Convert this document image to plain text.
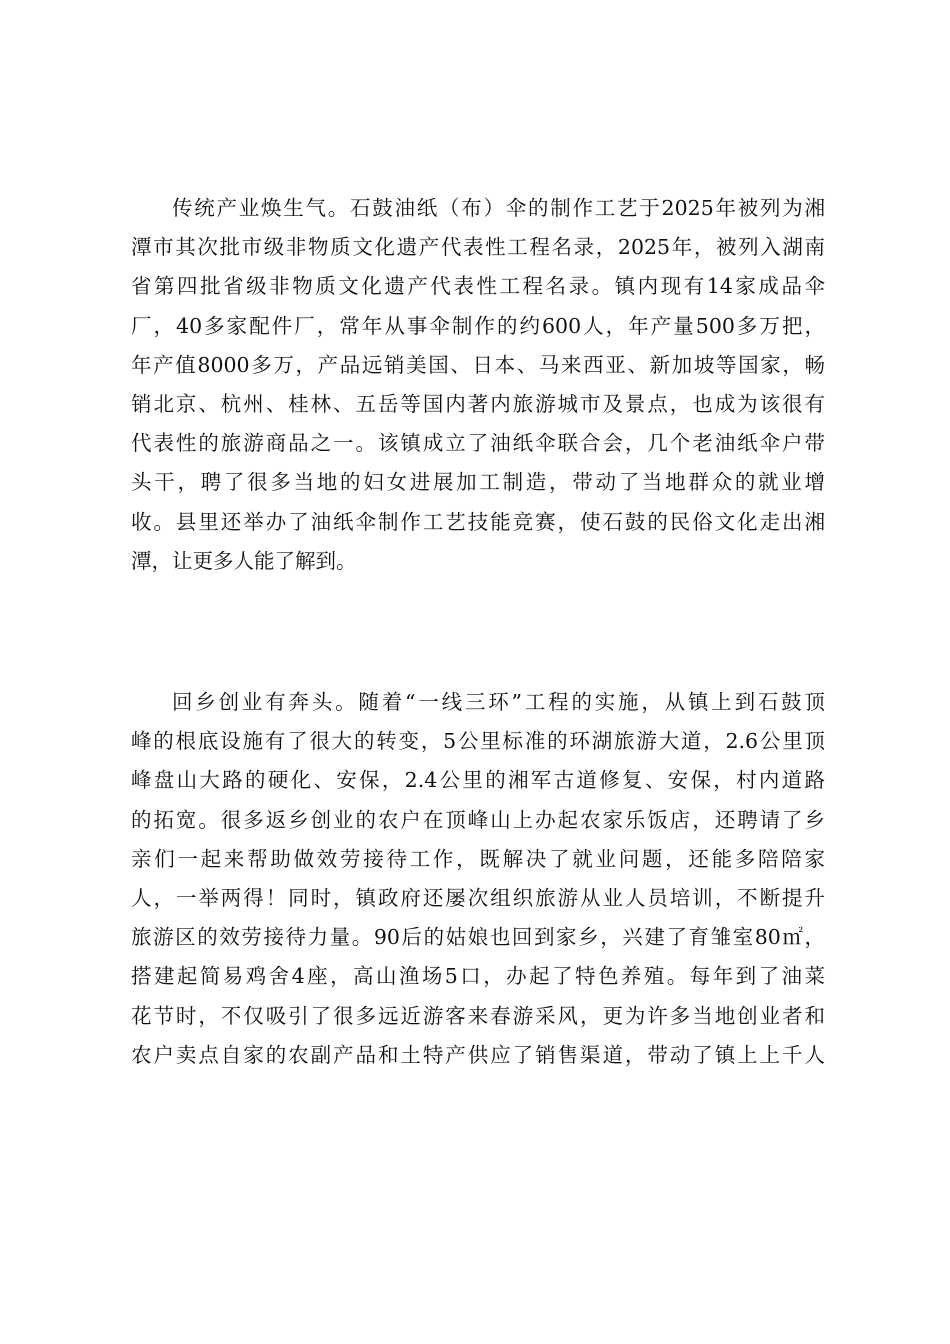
传统产业焕生气。石鼓油纸（布）伞的制作工艺于2025年被列为湘
潭市其次批市级非物质文化遗产代表性工程名录，2025年，被列入湖南
省第四批省级非物质文化遗产代表性工程名录。镇内现有14家成品伞
厂，40多家配件厂，常年从事伞制作的约600人，年产量500多万把，
年产值8000多万，产品远销美国、日本、马来西亚、新加坡等国家，畅
销北京、杭州、桂林、五岳等国内著内旅游城市及景点，也成为该很有
代表性的旅游商品之一。该镇成立了油纸伞联合会，几个老油纸伞户带
头干，聘了很多当地的妇女进展加工制造，带动了当地群众的就业增
收。县里还举办了油纸伞制作工艺技能竞赛，使石鼓的民俗文化走出湘
潭，让更多人能了解到。
回乡创业有奔头。随着“一线三环”工程的实施，从镇上到石鼓顶
峰的根底设施有了很大的转变，5公里标准的环湖旅游大道，2.6公里顶
峰盘山大路的硬化、安保，2.4公里的湘军古道修复、安保，村内道路
的拓宽。很多返乡创业的农户在顶峰山上办起农家乐饭店，还聘请了乡
亲们一起来帮助做效劳接待工作，既解决了就业问题，还能多陪陪家
人，一举两得！同时，镇政府还屡次组织旅游从业人员培训，不断提升
旅游区的效劳接待力量。90后的姑娘也回到家乡，兴建了育雏室80㎡，
搭建起简易鸡舍4座，高山渔场5口，办起了特色养殖。每年到了油菜
花节时，不仅吸引了很多远近游客来春游采风，更为许多当地创业者和
农户卖点自家的农副产品和土特产供应了销售渠道，带动了镇上上千人
